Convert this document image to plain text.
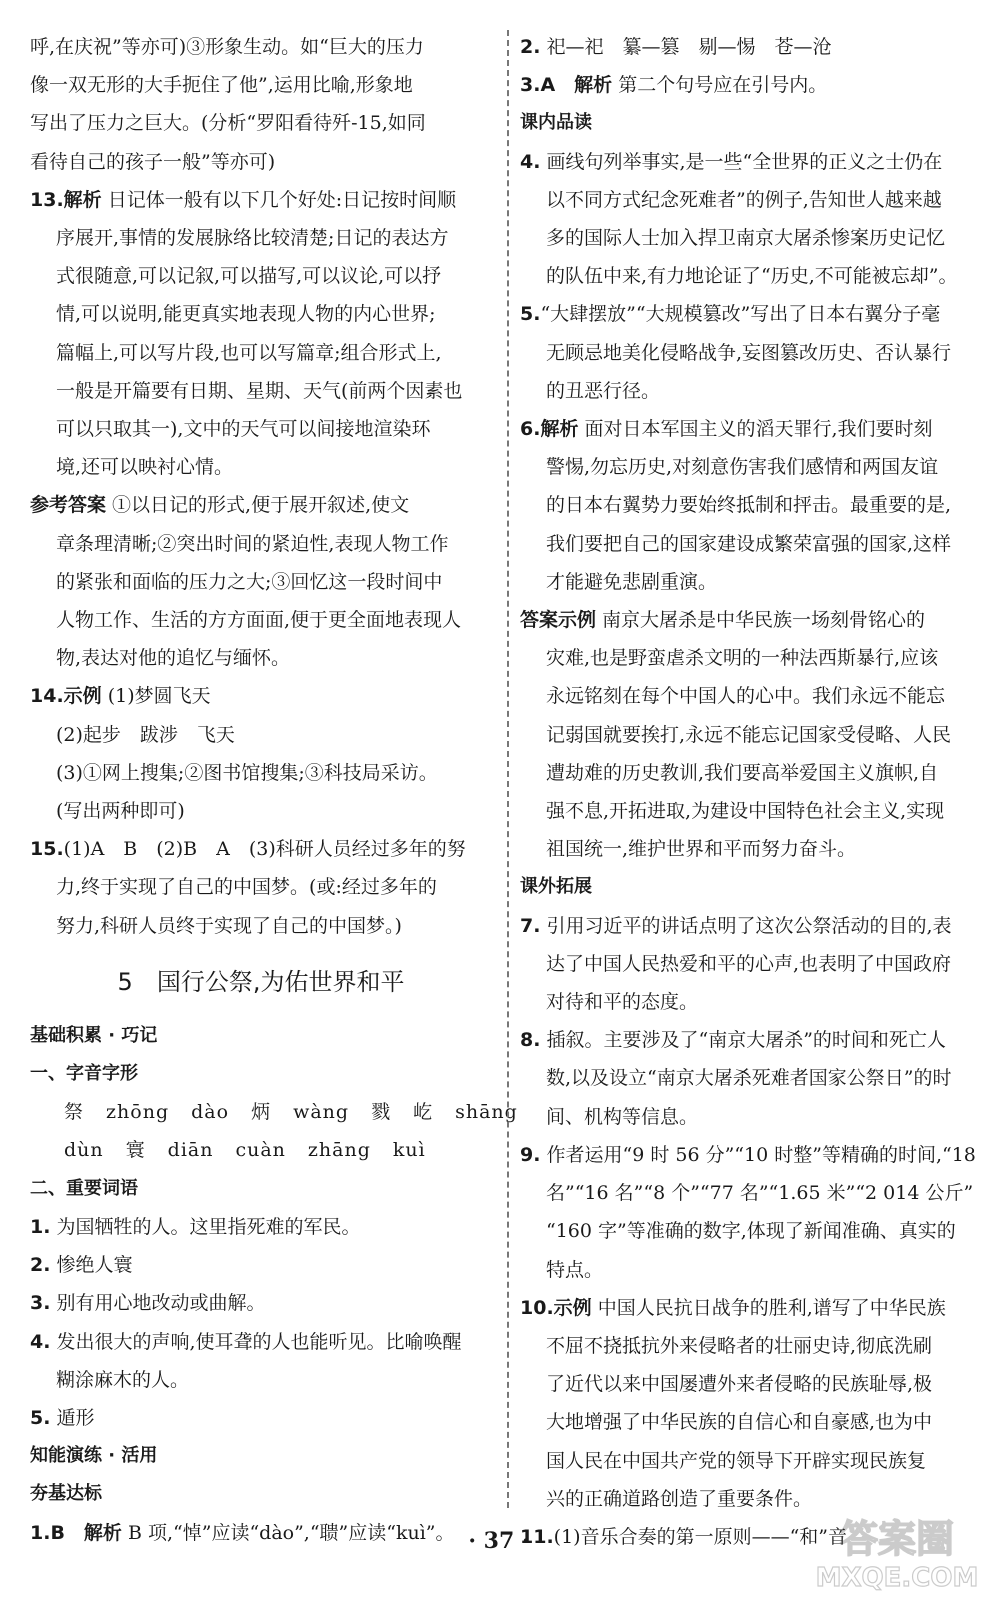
呼,在庆祝”等亦可)③形象生动。如“巨大的压力
像一双无形的大手扼住了他”,运用比喻,形象地
写出了压力之巨大。(分析“罗阳看待歼-15,如同
看待自己的孩子一般”等亦可)
13.解析 日记体一般有以下几个好处:日记按时间顺
序展开,事情的发展脉络比较清楚;日记的表达方
式很随意,可以记叙,可以描写,可以议论,可以抒
情,可以说明,能更真实地表现人物的内心世界;
篇幅上,可以写片段,也可以写篇章;组合形式上,
一般是开篇要有日期、星期、天气(前两个因素也
可以只取其一),文中的天气可以间接地渲染环
境,还可以映衬心情。
参考答案 ①以日记的形式,便于展开叙述,使文
章条理清晰;②突出时间的紧迫性,表现人物工作
的紧张和面临的压力之大;③回忆这一段时间中
人物工作、生活的方方面面,便于更全面地表现人
物,表达对他的追忆与缅怀。
14.示例 (1)梦圆飞天
(2)起步　跋涉　飞天
(3)①网上搜集;②图书馆搜集;③科技局采访。
(写出两种即可)
15.(1)A　B　(2)B　A　(3)科研人员经过多年的努
力,终于实现了自己的中国梦。(或:经过多年的
努力,科研人员终于实现了自己的中国梦。)
5　国行公祭,为佑世界和平
基础积累 · 巧记
一、字音字形
祭 zhōng dào 炳 wàng 戮 屹 shāng
dùn 寰 diān cuàn zhāng kuì
二、重要词语
1. 为国牺牲的人。这里指死难的军民。
2. 惨绝人寰
3. 别有用心地改动或曲解。
4. 发出很大的声响,使耳聋的人也能听见。比喻唤醒
糊涂麻木的人。
5. 遁形
知能演练 · 活用
夯基达标
1.B　解析 B 项,“悼”应读“dào”,“聩”应读“kuì”。
2. 祀—祀　纂—篡　剔—惕　苍—沧
3.A　解析 第二个句号应在引号内。
课内品读
4. 画线句列举事实,是一些“全世界的正义之士仍在
以不同方式纪念死难者”的例子,告知世人越来越
多的国际人士加入捍卫南京大屠杀惨案历史记忆
的队伍中来,有力地论证了“历史,不可能被忘却”。
5.“大肆摆放”“大规模篡改”写出了日本右翼分子毫
无顾忌地美化侵略战争,妄图篡改历史、否认暴行
的丑恶行径。
6.解析 面对日本军国主义的滔天罪行,我们要时刻
警惕,勿忘历史,对刻意伤害我们感情和两国友谊
的日本右翼势力要始终抵制和抨击。最重要的是,
我们要把自己的国家建设成繁荣富强的国家,这样
才能避免悲剧重演。
答案示例 南京大屠杀是中华民族一场刻骨铭心的
灾难,也是野蛮虐杀文明的一种法西斯暴行,应该
永远铭刻在每个中国人的心中。我们永远不能忘
记弱国就要挨打,永远不能忘记国家受侵略、人民
遭劫难的历史教训,我们要高举爱国主义旗帜,自
强不息,开拓进取,为建设中国特色社会主义,实现
祖国统一,维护世界和平而努力奋斗。
课外拓展
7. 引用习近平的讲话点明了这次公祭活动的目的,表
达了中国人民热爱和平的心声,也表明了中国政府
对待和平的态度。
8. 插叙。主要涉及了“南京大屠杀”的时间和死亡人
数,以及设立“南京大屠杀死难者国家公祭日”的时
间、机构等信息。
9. 作者运用“9 时 56 分”“10 时整”等精确的时间,“18
名”“16 名”“8 个”“77 名”“1.65 米”“2 014 公斤”
“160 字”等准确的数字,体现了新闻准确、真实的
特点。
10.示例 中国人民抗日战争的胜利,谱写了中华民族
不屈不挠抵抗外来侵略者的壮丽史诗,彻底洗刷
了近代以来中国屡遭外来者侵略的民族耻辱,极
大地增强了中华民族的自信心和自豪感,也为中
国人民在中国共产党的领导下开辟实现民族复
兴的正确道路创造了重要条件。
11.(1)音乐合奏的第一原则——“和”音
· 37 ·	答案圈
MXQE.COM
